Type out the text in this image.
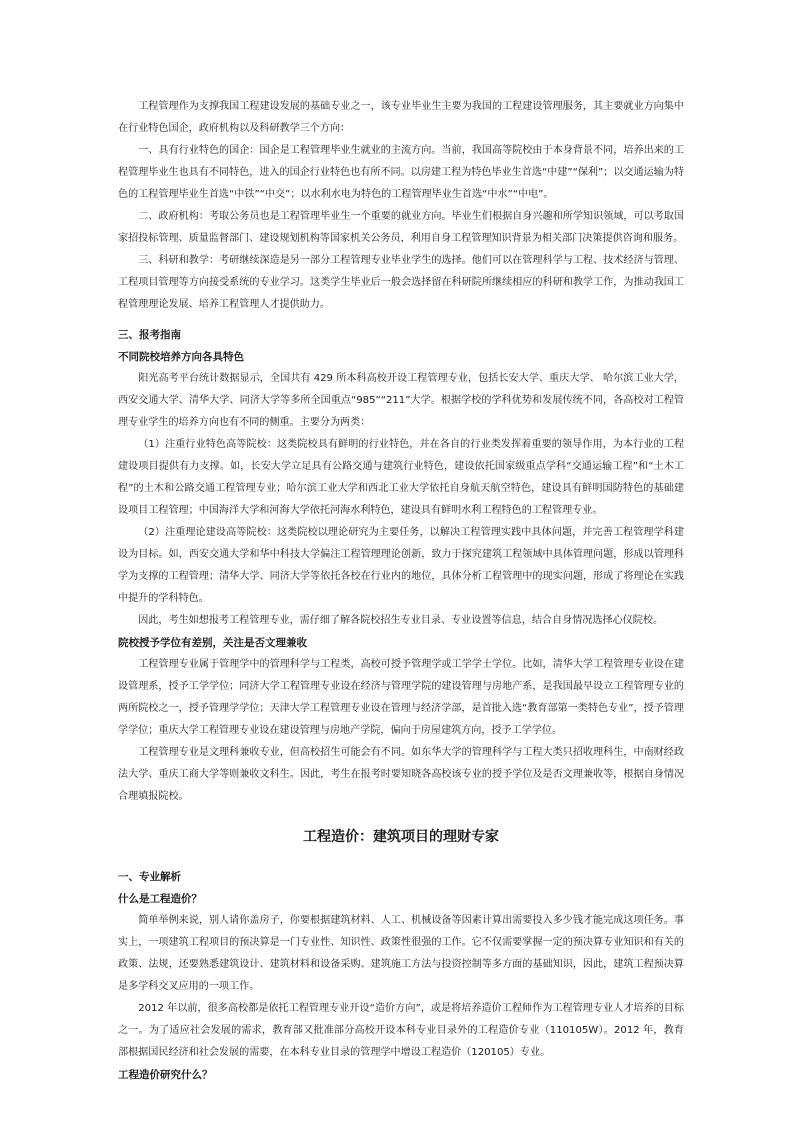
工程管理作为支撑我国工程建设发展的基础专业之一，该专业毕业生主要为我国的工程建设管理服务，其主要就业方向集中在行业特色国企，政府机构以及科研教学三个方向：

一、具有行业特色的国企：国企是工程管理毕业生就业的主流方向。当前，我国高等院校由于本身背景不同，培养出来的工程管理毕业生也具有不同特色，进入的国企行业特色也有所不同。以房建工程为特色毕业生首选“中建”“保利”；以交通运输为特色的工程管理毕业生首选“中铁”“中交”；以水利水电为特色的工程管理毕业生首选“中水”“中电”。

二、政府机构：考取公务员也是工程管理毕业生一个重要的就业方向。毕业生们根据自身兴趣和所学知识领域，可以考取国家招投标管理、质量监督部门、建设规划机构等国家机关公务员，利用自身工程管理知识背景为相关部门决策提供咨询和服务。

三、科研和教学：考研继续深造是另一部分工程管理专业毕业学生的选择。他们可以在管理科学与工程、技术经济与管理、工程项目管理等方向接受系统的专业学习。这类学生毕业后一般会选择留在科研院所继续相应的科研和教学工作，为推动我国工程管理理论发展、培养工程管理人才提供助力。

三、报考指南
不同院校培养方向各具特色

阳光高考平台统计数据显示，全国共有 429 所本科高校开设工程管理专业，包括长安大学、重庆大学、 哈尔滨工业大学，西安交通大学、清华大学、同济大学等多所全国重点“985”“211”大学。根据学校的学科优势和发展传统不同，各高校对工程管理专业学生的培养方向也有不同的侧重。主要分为两类：

（1）注重行业特色高等院校：这类院校具有鲜明的行业特色，并在各自的行业类发挥着重要的领导作用，为本行业的工程建设项目提供有力支撑。如，长安大学立足具有公路交通与建筑行业特色，建设依托国家级重点学科“交通运输工程”和“土木工程”的土木和公路交通工程管理专业；哈尔滨工业大学和西北工业大学依托自身航天航空特色，建设具有鲜明国防特色的基础建设项目工程管理；中国海洋大学和河海大学依托河海水利特色，建设具有鲜明水利工程特色的工程管理专业。

（2）注重理论建设高等院校：这类院校以理论研究为主要任务，以解决工程管理实践中具体问题，并完善工程管理学科建设为目标。如，西安交通大学和华中科技大学偏注工程管理理论创新，致力于探究建筑工程领域中具体管理问题，形成以管理科学为支撑的工程管理；清华大学、同济大学等依托各校在行业内的地位，具体分析工程管理中的现实问题，形成了将理论在实践中提升的学科特色。

因此，考生如想报考工程管理专业，需仔细了解各院校招生专业目录、专业设置等信息，结合自身情况选择心仪院校。

院校授予学位有差别，关注是否文理兼收

工程管理专业属于管理学中的管理科学与工程类，高校可授予管理学或工学学士学位。比如，清华大学工程管理专业设在建设管理系，授予工学学位；同济大学工程管理专业设在经济与管理学院的建设管理与房地产系，是我国最早设立工程管理专业的两所院校之一，授予管理学学位；天津大学工程管理专业设在管理与经济学部，是首批入选“教育部第一类特色专业”，授予管理学学位；重庆大学工程管理专业设在建设管理与房地产学院，偏向于房屋建筑方向，授予工学学位。

工程管理专业是文理科兼收专业，但高校招生可能会有不同。如东华大学的管理科学与工程大类只招收理科生，中南财经政法大学、重庆工商大学等则兼收文科生。因此，考生在报考时要知晓各高校该专业的授予学位及是否文理兼收等，根据自身情况合理填报院校。

工程造价：建筑项目的理财专家
一、专业解析
什么是工程造价？

简单举例来说，别人请你盖房子，你要根据建筑材料、人工、机械设备等因素计算出需要投入多少钱才能完成这项任务。事实上，一项建筑工程项目的预决算是一门专业性、知识性、政策性很强的工作。它不仅需要掌握一定的预决算专业知识和有关的政策、法规，还要熟悉建筑设计、建筑材料和设备采购、建筑施工方法与投资控制等多方面的基础知识，因此，建筑工程预决算是多学科交叉应用的一项工作。

2012 年以前，很多高校都是依托工程管理专业开设“造价方向”，或是将培养造价工程师作为工程管理专业人才培养的目标之一。为了适应社会发展的需求，教育部又批准部分高校开设本科专业目录外的工程造价专业（110105W）。2012 年，教育部根据国民经济和社会发展的需要，在本科专业目录的管理学中增设工程造价（120105）专业。

工程造价研究什么？
